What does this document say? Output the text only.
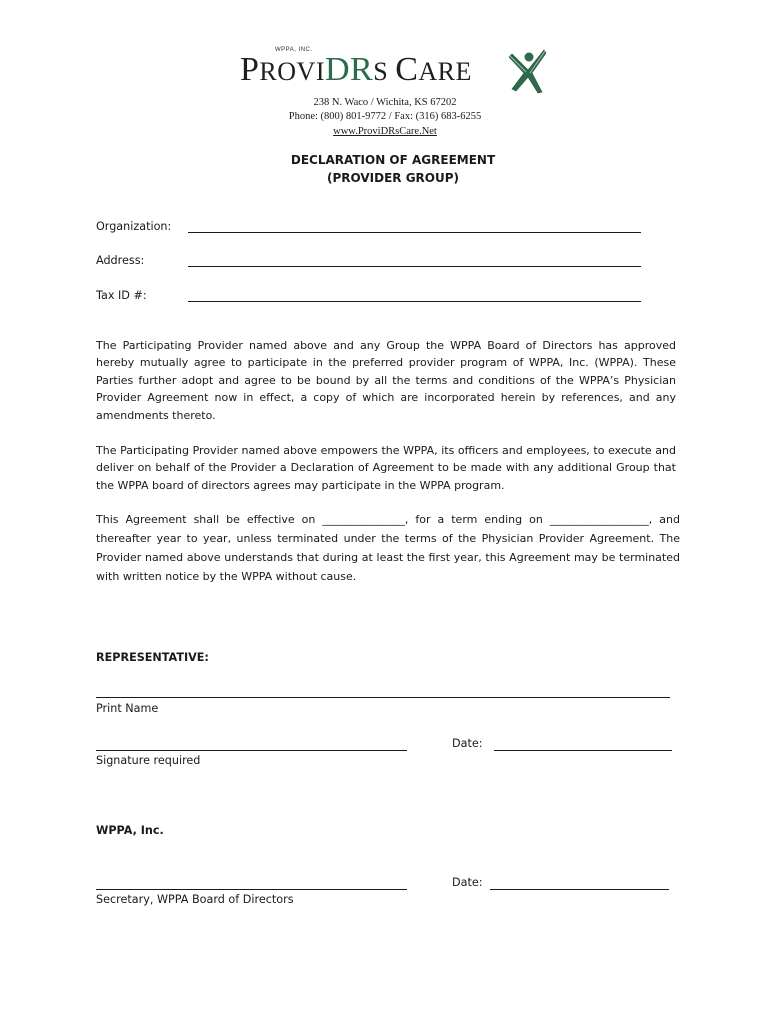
WPPA, INC.
PROVIDRS CARE
238 N. Waco / Wichita, KS 67202
Phone: (800) 801-9772 / Fax: (316) 683-6255
www.ProviDRsCare.Net
DECLARATION OF AGREEMENT
(PROVIDER GROUP)
Organization:
Address:
Tax ID #:
The Participating Provider named above and any Group the WPPA Board of Directors has approved hereby mutually agree to participate in the preferred provider program of WPPA, Inc. (WPPA). These Parties further adopt and agree to be bound by all the terms and conditions of the WPPA’s Physician Provider Agreement now in effect, a copy of which are incorporated herein by references, and any amendments thereto.
The Participating Provider named above empowers the WPPA, its officers and employees, to execute and deliver on behalf of the Provider a Declaration of Agreement to be made with any additional Group that the WPPA board of directors agrees may participate in the WPPA program.
This Agreement shall be effective on _______________, for a term ending on __________________, and thereafter year to year, unless terminated under the terms of the Physician Provider Agreement. The Provider named above understands that during at least the first year, this Agreement may be terminated with written notice by the WPPA without cause.
REPRESENTATIVE:
Print Name
Signature required
Date:
WPPA, Inc.
Secretary, WPPA Board of Directors
Date:
